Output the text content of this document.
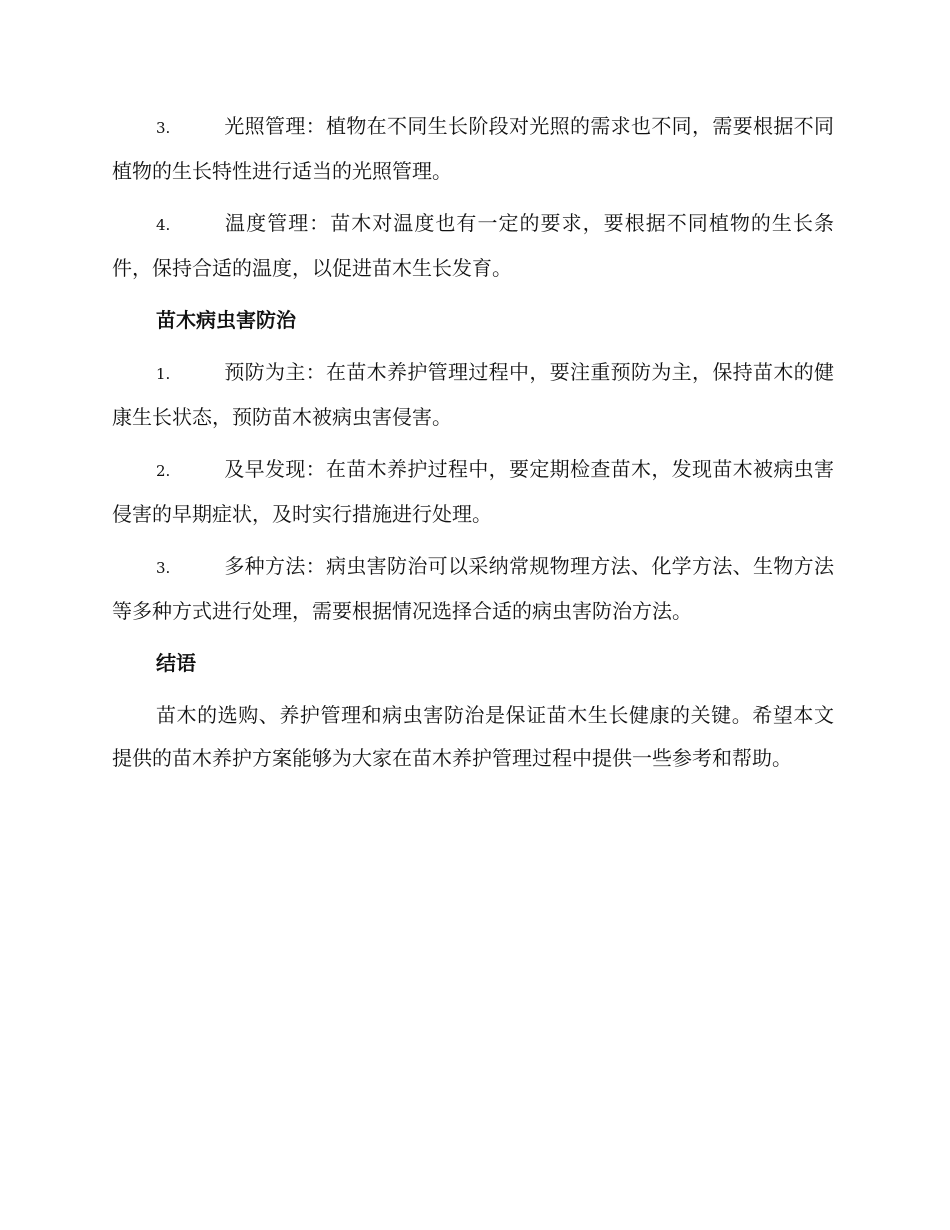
3.	光照管理：植物在不同生长阶段对光照的需求也不同，需要根据不同植物的生长特性进行适当的光照管理。

4.	温度管理：苗木对温度也有一定的要求，要根据不同植物的生长条件，保持合适的温度，以促进苗木生长发育。

苗木病虫害防治

1.	预防为主：在苗木养护管理过程中，要注重预防为主，保持苗木的健康生长状态，预防苗木被病虫害侵害。

2.	及早发现：在苗木养护过程中，要定期检查苗木，发现苗木被病虫害侵害的早期症状，及时实行措施进行处理。

3.	多种方法：病虫害防治可以采纳常规物理方法、化学方法、生物方法等多种方式进行处理，需要根据情况选择合适的病虫害防治方法。

结语

苗木的选购、养护管理和病虫害防治是保证苗木生长健康的关键。希望本文提供的苗木养护方案能够为大家在苗木养护管理过程中提供一些参考和帮助。
